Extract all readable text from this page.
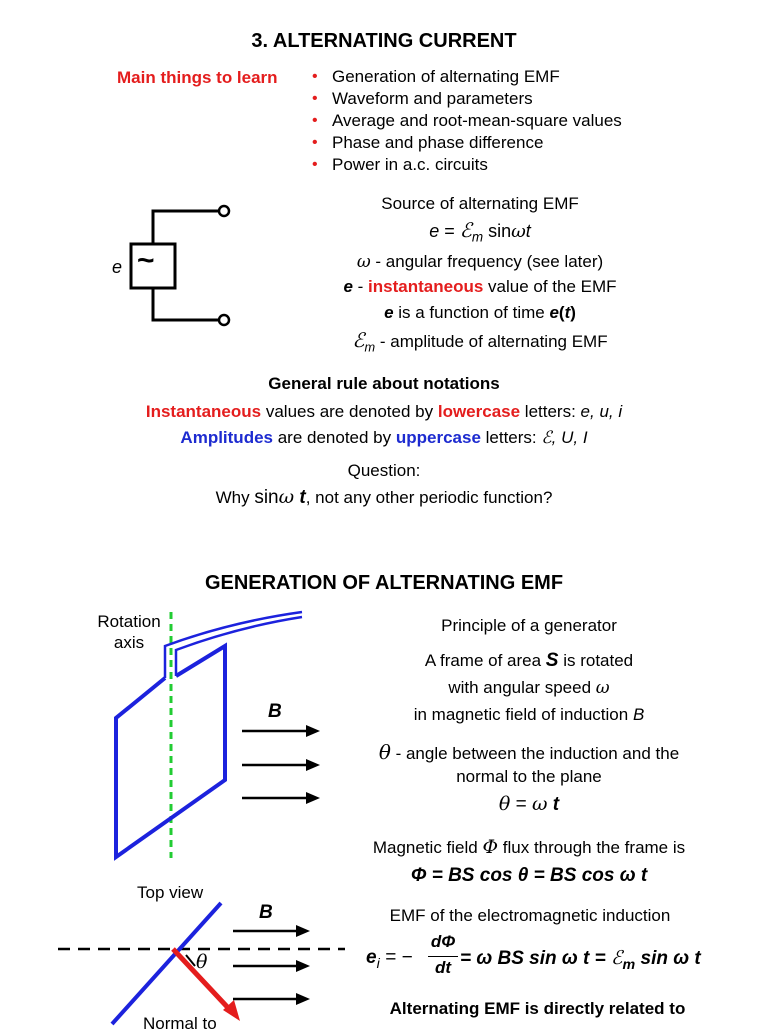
3. ALTERNATING CURRENT
Main things to learn
•	Generation of alternating EMF
• Waveform and parameters
• Average and root-mean-square values
• Phase and phase difference
• Power in a.c. circuits
e ~
Source of alternating EMF
e = ℰ$_m$ sinωt
ω - angular frequency (see later)
e - instantaneous value of the EMF
e is a function of time e(t)
ℰ$_m$ - amplitude of alternating EMF
General rule about notations
Instantaneous values are denoted by lowercase letters: e, u, i
Amplitudes are denoted by uppercase letters: ℰ, U, I
Question:
Why sinω t, not any other periodic function?
GENERATION OF ALTERNATING EMF
Rotation
axis
B
Principle of a generator
A frame of area S is rotated
with angular speed ω
in magnetic field of induction B
θ - angle between the induction and the
normal to the plane
θ = ω t
Magnetic field Φ flux through the frame is
Φ = BS cos θ = BS cos ω t
Top view
B
θ
Normal to
EMF of the electromagnetic induction
$e_i$ = −
dΦ
dt = ω BS sin ω t = ℰ$_m$ sin ω t
Alternating EMF is directly related to
